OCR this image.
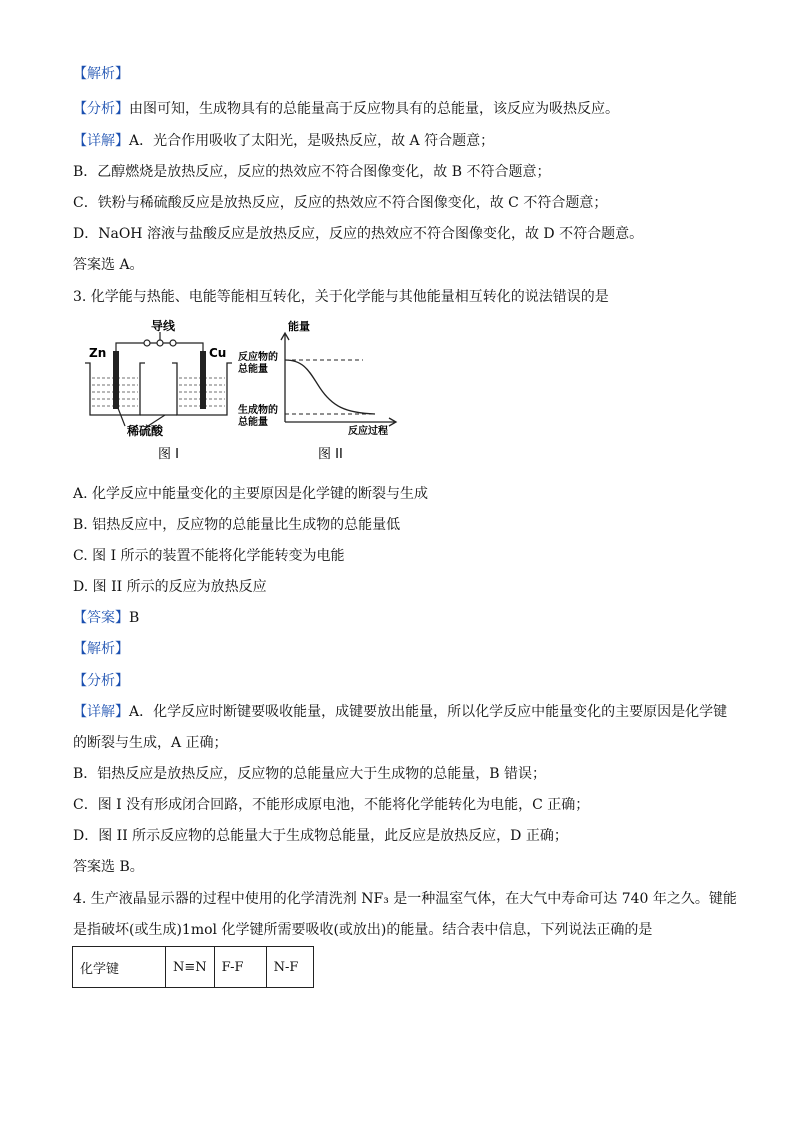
【解析】
【分析】由图可知，生成物具有的总能量高于反应物具有的总能量，该反应为吸热反应。
【详解】A．光合作用吸收了太阳光，是吸热反应，故 A 符合题意；
B．乙醇燃烧是放热反应，反应的热效应不符合图像变化，故 B 不符合题意；
C．铁粉与稀硫酸反应是放热反应，反应的热效应不符合图像变化，故 C 不符合题意；
D．NaOH 溶液与盐酸反应是放热反应，反应的热效应不符合图像变化，故 D 不符合题意。
答案选 A。
3. 化学能与热能、电能等能相互转化，关于化学能与其他能量相互转化的说法错误的是
导线
Zn	Cu
稀硫酸
图 I
能量
反应物的
总能量
生成物的
总能量
反应过程
图 II
A. 化学反应中能量变化的主要原因是化学键的断裂与生成
B. 铝热反应中，反应物的总能量比生成物的总能量低
C. 图 I 所示的装置不能将化学能转变为电能
D. 图 II 所示的反应为放热反应
【答案】B
【解析】
【分析】
【详解】A．化学反应时断键要吸收能量，成键要放出能量，所以化学反应中能量变化的主要原因是化学键
的断裂与生成，A 正确；
B．铝热反应是放热反应，反应物的总能量应大于生成物的总能量，B 错误；
C．图 I 没有形成闭合回路，不能形成原电池，不能将化学能转化为电能，C 正确；
D．图 II 所示反应物的总能量大于生成物总能量，此反应是放热反应，D 正确；
答案选 B。
4. 生产液晶显示器的过程中使用的化学清洗剂 NF₃ 是一种温室气体，在大气中寿命可达 740 年之久。键能
是指破坏(或生成)1mol 化学键所需要吸收(或放出)的能量。结合表中信息，下列说法正确的是
化学键	N≡N	F-F	N-F
